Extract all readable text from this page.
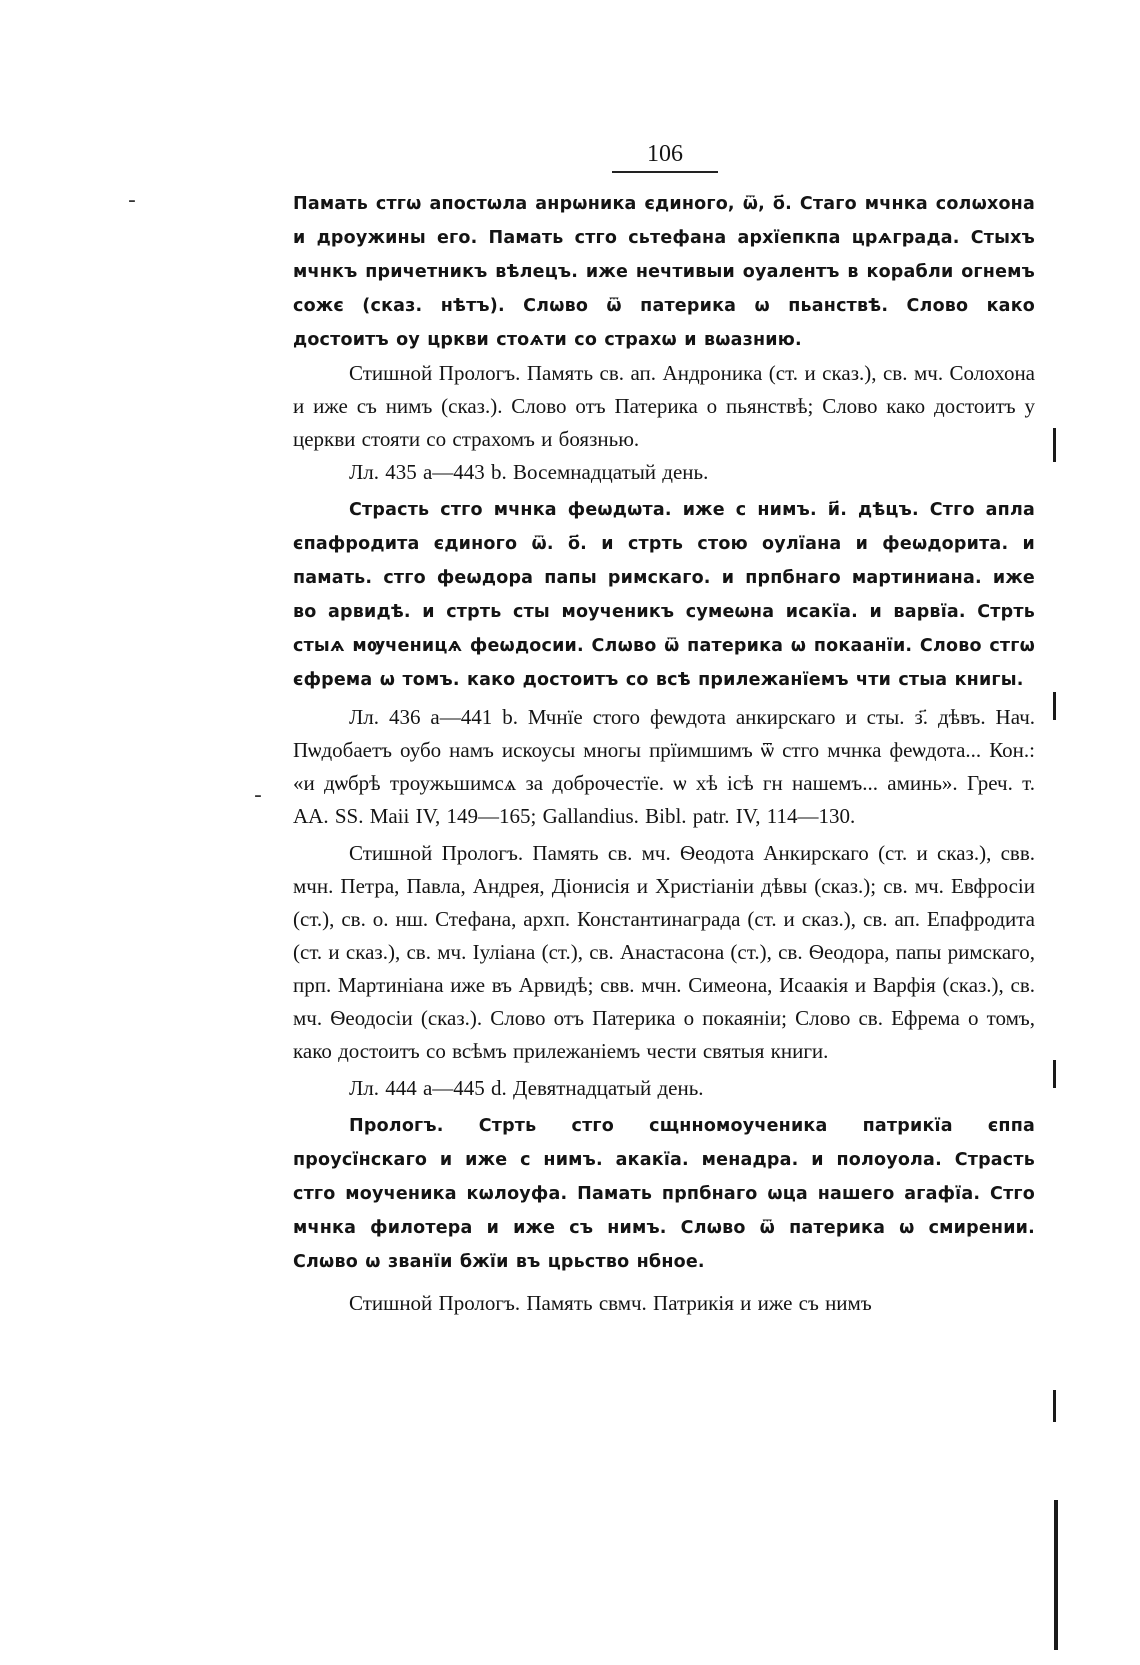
106
-
-

Памать стгѡ апостѡла анрѡника єдиного, ѿ, о҃. Стаго мчнка солѡхона и дроужины его. Памать стго сьтефана архїепкпа црѧграда. Стыхъ мчнкъ причетникъ вѣлецъ. иже нечтивыи оуалентъ в корабли огнемъ сожє (сказ. нѣтъ). Слѡво ѿ патерика ѡ пьанствѣ. Слово како достоитъ оу цркви стоѧти со страхѡ и вѡазнию.

Стишной Прологъ. Память св. ап. Андроника (ст. и сказ.), св. мч. Солохона и иже съ нимъ (сказ.). Слово отъ Патерика о пьянствѣ; Слово како достоитъ у церкви стояти со страхомъ и боязнью.

Лл. 435 а—443 b. Восемнадцатый день.

Страсть стго мчнка феѡдѡта. иже с нимъ. и҃. дѣцъ. Стго апла єпафродита єдиного ѿ. о҃. и стрть стою оулїана и феѡдорита. и памать. стго феѡдора папы римскаго. и прпбнаго мартиниана. иже во арвидѣ. и стрть сты моученикъ сумеѡна исакїа. и варвїа. Стрть стыѧ мѹченицѧ феѡдосии. Слѡво ѿ патерика ѡ покаанїи. Слово стгѡ єфрема ѡ томъ. како достоитъ со всѣ прилежанїемъ чти стыа книгы.

Лл. 436 а—441 b. Мчнїе стого феѡдота анкирскаго и сты. з҃. дѣвъ. Нач. Пѡдобаетъ оубо намъ искоусы многы прїимшимъ ѿ стго мчнка феѡдота... Кон.: «и дѡбрѣ троужьшимсѧ за доброчестїе. ѡ хѣ ісѣ гн нашемъ... аминь». Греч. т. AA. SS. Maii IV, 149—165; Gallandius. Bibl. patr. IV, 114—130.

Стишной Прологъ. Память св. мч. Ѳеодота Анкирскаго (ст. и сказ.), свв. мчн. Петра, Павла, Андрея, Діонисія и Христіаніи дѣвы (сказ.); св. мч. Евфросіи (ст.), св. о. нш. Стефана, архп. Константинаграда (ст. и сказ.), св. ап. Епафродита (ст. и сказ.), св. мч. Іуліана (ст.), св. Анастасона (ст.), св. Ѳеодора, папы римскаго, прп. Мартиніана иже въ Арвидѣ; свв. мчн. Симеона, Исаакія и Варфія (сказ.), св. мч. Ѳеодосіи (сказ.). Слово отъ Патерика о покаяніи; Слово св. Ефрема о томъ, како достоитъ со всѣмъ прилежаніемъ чести святыя книги.

Лл. 444 а—445 d. Девятнадцатый день.

Прологъ. Стрть стго сщнномоученика патрикїа єппа проусїнскаго и иже с нимъ. акакїа. менадра. и полоуола. Страсть стго моученика кѡлоуфа. Памать прпбнаго ѡца нашего агафїа. Стго мчнка филотера и иже съ нимъ. Слѡво ѿ патерика ѡ смирении. Слѡво ѡ званїи бжїи въ црьство нбное.

Стишной Прологъ. Память свмч. Патрикія и иже съ нимъ
